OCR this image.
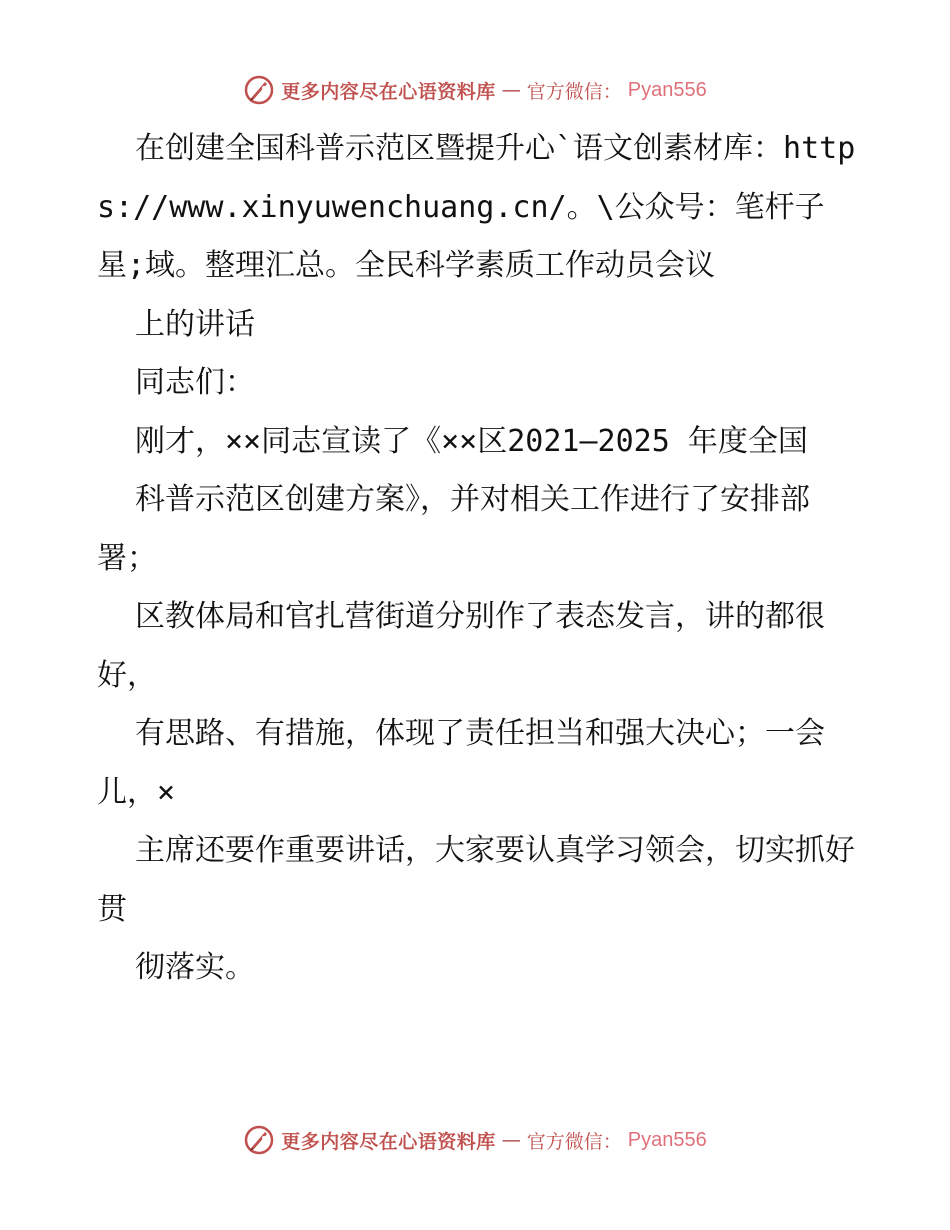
更多内容尽在心语资料库 — 官方微信： Pyan556

在创建全国科普示范区暨提升心`语文创素材库：https://www.xinyuwenchuang.cn/。\公众号：笔杆子星;域。整理汇总。全民科学素质工作动员会议

上的讲话

同志们：

刚才，××同志宣读了《××区2021—2025 年度全国

科普示范区创建方案》，并对相关工作进行了安排部署；

区教体局和官扎营街道分别作了表态发言，讲的都很好，

有思路、有措施，体现了责任担当和强大决心；一会儿，×

主席还要作重要讲话，大家要认真学习领会，切实抓好贯

彻落实。

更多内容尽在心语资料库 — 官方微信： Pyan556
